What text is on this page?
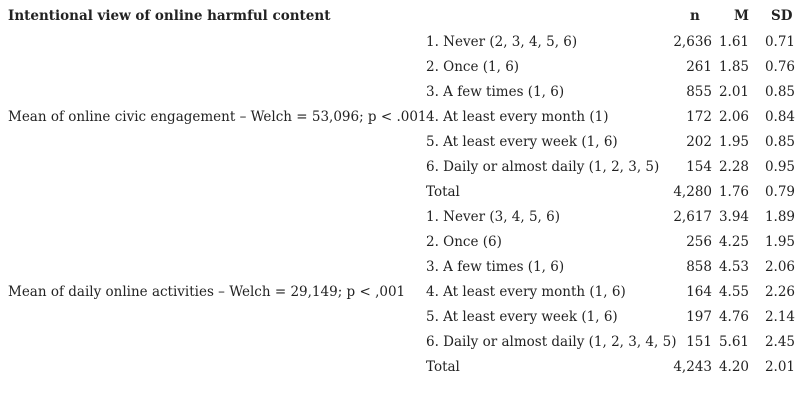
Intentional view of online harmful content	n	M SD
1. Never (2, 3, 4, 5, 6)	2,636 1.61 0.71
2. Once (1, 6)	261 1.85 0.76
3. A few times (1, 6)	855 2.01 0.85
Mean of online civic engagement – Welch = 53,096; p < .001 4. At least every month (1)	172 2.06 0.84
5. At least every week (1, 6)	202 1.95 0.85
6. Daily or almost daily (1, 2, 3, 5) 154 2.28 0.95
Total	4,280 1.76 0.79
1. Never (3, 4, 5, 6)	2,617 3.94 1.89
2. Once (6)	256 4.25 1.95
3. A few times (1, 6)	858 4.53 2.06
Mean of daily online activities – Welch = 29,149; p < ,001 4. At least every month (1, 6)	164 4.55 2.26
5. At least every week (1, 6)	197 4.76 2.14
6. Daily or almost daily (1, 2, 3, 4, 5) 151 5.61 2.45
Total	4,243 4.20 2.01
